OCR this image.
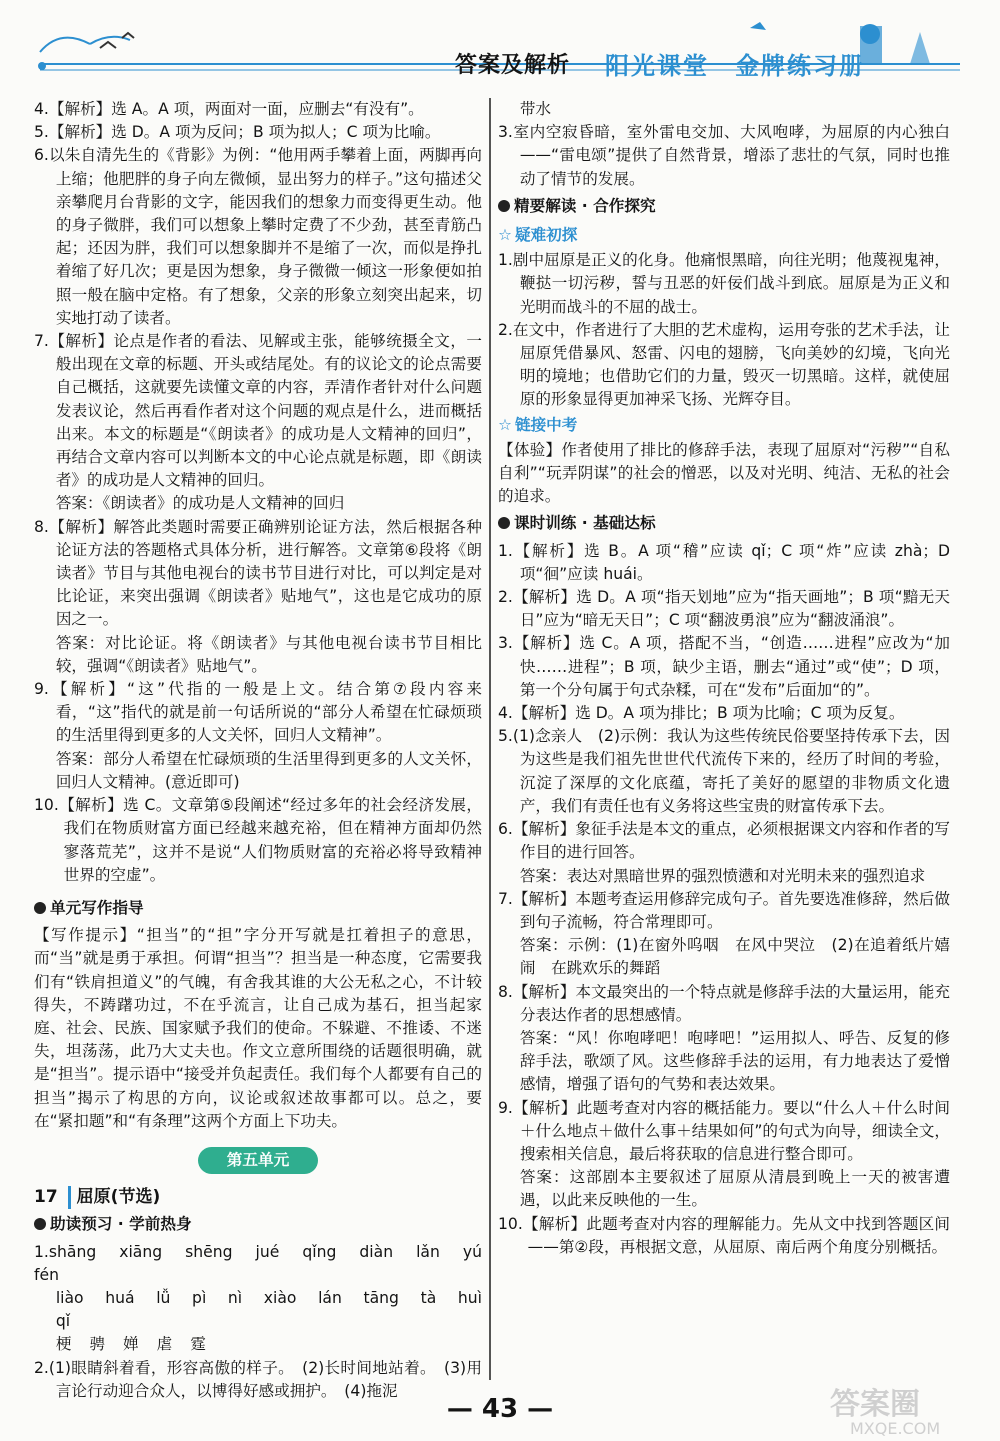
答案及解析 阳光课堂　金牌练习册

4.【解析】选 A。A 项，两面对一面，应删去“有没有”。

5.【解析】选 D。A 项为反问；B 项为拟人；C 项为比喻。

6.以朱自清先生的《背影》为例：“他用两手攀着上面，两脚再向上缩；他肥胖的身子向左微倾，显出努力的样子。”这句描述父亲攀爬月台背影的文字，能因我们的想象力而变得更生动。他的身子微胖，我们可以想象上攀时定费了不少劲，甚至青筋凸起；还因为胖，我们可以想象脚并不是缩了一次，而似是挣扎着缩了好几次；更是因为想象，身子微微一倾这一形象便如拍照一般在脑中定格。有了想象，父亲的形象立刻突出起来，切实地打动了读者。

7.【解析】论点是作者的看法、见解或主张，能够统摄全文，一般出现在文章的标题、开头或结尾处。有的议论文的论点需要自己概括，这就要先读懂文章的内容，弄清作者针对什么问题发表议论，然后再看作者对这个问题的观点是什么，进而概括出来。本文的标题是“《朗读者》的成功是人文精神的回归”，再结合文章内容可以判断本文的中心论点就是标题，即《朗读者》的成功是人文精神的回归。

答案：《朗读者》的成功是人文精神的回归

8.【解析】解答此类题时需要正确辨别论证方法，然后根据各种论证方法的答题格式具体分析，进行解答。文章第⑥段将《朗读者》节目与其他电视台的读书节目进行对比，可以判定是对比论证，来突出强调《朗读者》贴地气”，这也是它成功的原因之一。

答案：对比论证。将《朗读者》与其他电视台读书节目相比较，强调“《朗读者》贴地气”。

9.【解析】“这”代指的一般是上文。结合第⑦段内容来看，“这”指代的就是前一句话所说的“部分人希望在忙碌烦琐的生活里得到更多的人文关怀，回归人文精神”。

答案：部分人希望在忙碌烦琐的生活里得到更多的人文关怀，回归人文精神。(意近即可)

10.【解析】选 C。文章第⑤段阐述“经过多年的社会经济发展，我们在物质财富方面已经越来越充裕，但在精神方面却仍然寥落荒芜”，这并不是说“人们物质财富的充裕必将导致精神世界的空虚”。

单元写作指导

【写作提示】“担当”的“担”字分开写就是扛着担子的意思，而“当”就是勇于承担。何谓“担当”？担当是一种态度，它需要我们有“铁肩担道义”的气魄，有舍我其谁的大公无私之心，不计较得失，不踌躇功过，不在乎流言，让自己成为基石，担当起家庭、社会、民族、国家赋予我们的使命。不躲避、不推诿、不迷失，坦荡荡，此乃大丈夫也。作文立意所围绕的话题很明确，就是“担当”。提示语中“接受并负起责任。我们每个人都要有自己的担当”揭示了构思的方向，议论或叙述故事都可以。总之，要在“紧扣题”和“有条理”这两个方面上下功夫。

第五单元
17 屈原(节选)
助读预习 · 学前热身

1.shāng xiāng shēng jué qǐng diàn lǎn yú fén

liào huá lǚ pì nì xiào lán tāng tà huì qǐ

梗 骋 婵 虐 霆

2.(1)眼睛斜着看，形容高傲的样子。　(2)长时间地站着。　(3)用言论行动迎合众人，以博得好感或拥护。　(4)拖泥

带水

3.室内空寂昏暗，室外雷电交加、大风咆哮，为屈原的内心独白——“雷电颂”提供了自然背景，增添了悲壮的气氛，同时也推动了情节的发展。

精要解读 · 合作探究
☆ 疑难初探

1.剧中屈原是正义的化身。他痛恨黑暗，向往光明；他蔑视鬼神，鞭挞一切污秽，誓与丑恶的奸佞们战斗到底。屈原是为正义和光明而战斗的不屈的战士。

2.在文中，作者进行了大胆的艺术虚构，运用夸张的艺术手法，让屈原凭借暴风、怒雷、闪电的翅膀，飞向美妙的幻境，飞向光明的境地；也借助它们的力量，毁灭一切黑暗。这样，就使屈原的形象显得更加神采飞扬、光辉夺目。

☆ 链接中考

【体验】作者使用了排比的修辞手法，表现了屈原对“污秽”“自私自利”“玩弄阴谋”的社会的憎恶，以及对光明、纯洁、无私的社会的追求。

课时训练 · 基础达标

1.【解析】选 B。A 项“稽”应读 qǐ；C 项“炸”应读 zhà；D 项“徊”应读 huái。

2.【解析】选 D。A 项“指天划地”应为“指天画地”；B 项“黯无天日”应为“暗无天日”；C 项“翻波勇浪”应为“翻波涌浪”。

3.【解析】选 C。A 项，搭配不当，“创造……进程”应改为“加快……进程”；B 项，缺少主语，删去“通过”或“使”；D 项，第一个分句属于句式杂糅，可在“发布”后面加“的”。

4.【解析】选 D。A 项为排比；B 项为比喻；C 项为反复。

5.(1)念亲人　(2)示例：我认为这些传统民俗要坚持传承下去，因为这些是我们祖先世世代代流传下来的，经历了时间的考验，沉淀了深厚的文化底蕴，寄托了美好的愿望的非物质文化遗产，我们有责任也有义务将这些宝贵的财富传承下去。

6.【解析】象征手法是本文的重点，必须根据课文内容和作者的写作目的进行回答。

答案：表达对黑暗世界的强烈愤懑和对光明未来的强烈追求

7.【解析】本题考查运用修辞完成句子。首先要选准修辞，然后做到句子流畅，符合常理即可。

答案：示例：(1)在窗外呜咽　在风中哭泣　(2)在追着纸片嬉闹　在跳欢乐的舞蹈

8.【解析】本文最突出的一个特点就是修辞手法的大量运用，能充分表达作者的思想感情。

答案：“风！你咆哮吧！咆哮吧！”运用拟人、呼告、反复的修辞手法，歌颂了风。这些修辞手法的运用，有力地表达了爱憎感情，增强了语句的气势和表达效果。

9.【解析】此题考查对内容的概括能力。要以“什么人＋什么时间＋什么地点＋做什么事＋结果如何”的句式为向导，细读全文，搜索相关信息，最后将获取的信息进行整合即可。

答案：这部剧本主要叙述了屈原从清晨到晚上一天的被害遭遇，以此来反映他的一生。

10.【解析】此题考查对内容的理解能力。先从文中找到答题区间——第②段，再根据文意，从屈原、南后两个角度分别概括。

— 43 —	答案圈
MXQE.COM
